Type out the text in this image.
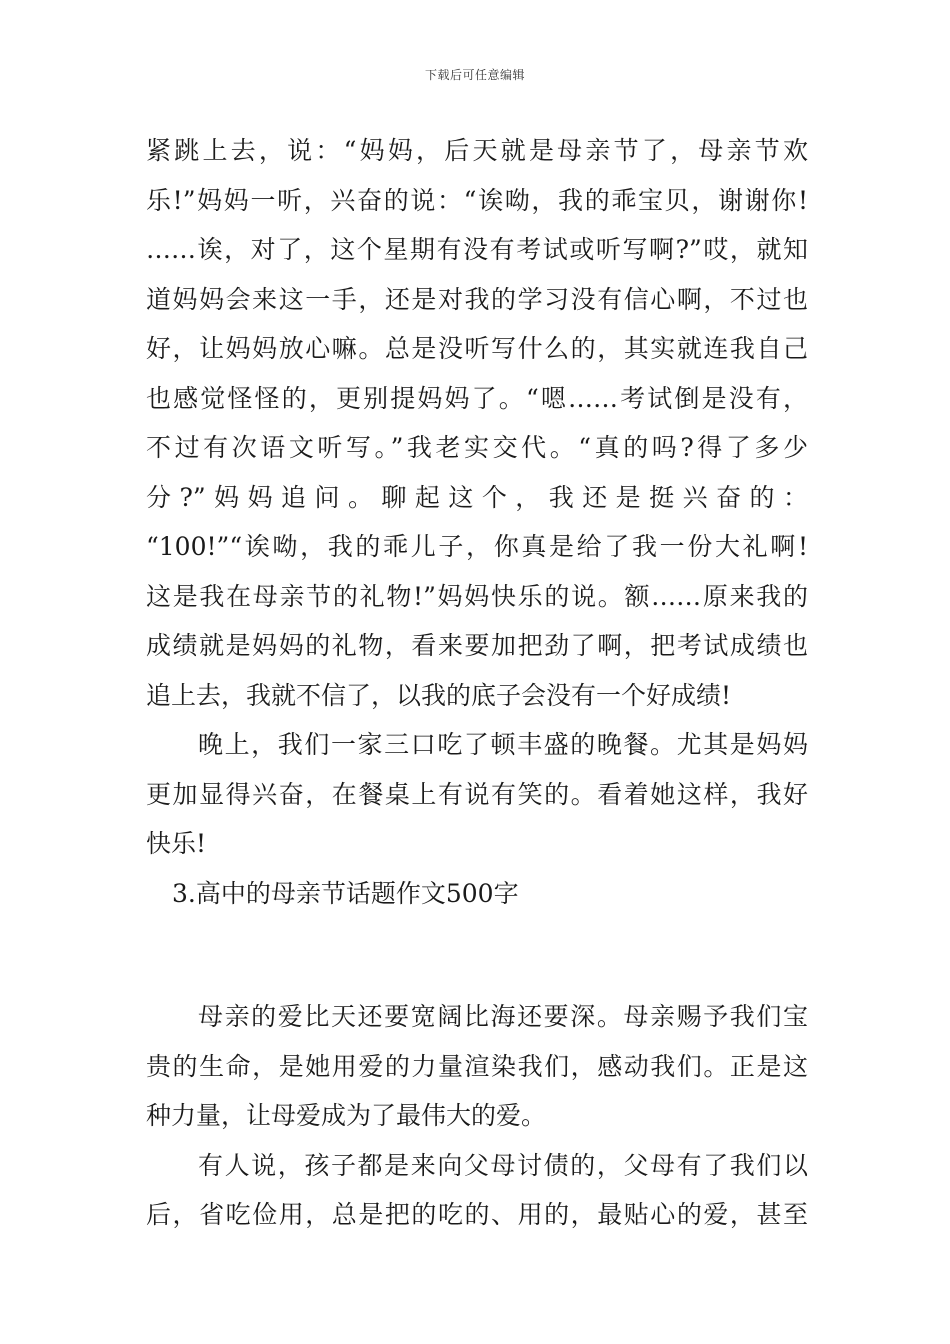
下载后可任意编辑
紧跳上去，说：“妈妈，后天就是母亲节了，母亲节欢
乐!”妈妈一听，兴奋的说：“诶呦，我的乖宝贝，谢谢你!
……诶，对了，这个星期有没有考试或听写啊?”哎，就知
道妈妈会来这一手，还是对我的学习没有信心啊，不过也
好，让妈妈放心嘛。总是没听写什么的，其实就连我自己
也感觉怪怪的，更别提妈妈了。“嗯……考试倒是没有，
不过有次语文听写。”我老实交代。“真的吗?得了多少
分?”妈妈追问。聊起这个，我还是挺兴奋的：
“100!”“诶呦，我的乖儿子，你真是给了我一份大礼啊!
这是我在母亲节的礼物!”妈妈快乐的说。额……原来我的
成绩就是妈妈的礼物，看来要加把劲了啊，把考试成绩也
追上去，我就不信了，以我的底子会没有一个好成绩!
晚上，我们一家三口吃了顿丰盛的晚餐。尤其是妈妈
更加显得兴奋，在餐桌上有说有笑的。看着她这样，我好
快乐!
3.高中的母亲节话题作文500字
母亲的爱比天还要宽阔比海还要深。母亲赐予我们宝
贵的生命，是她用爱的力量渲染我们，感动我们。正是这
种力量，让母爱成为了最伟大的爱。
有人说，孩子都是来向父母讨债的，父母有了我们以
后，省吃俭用，总是把的吃的、用的，最贴心的爱，甚至
